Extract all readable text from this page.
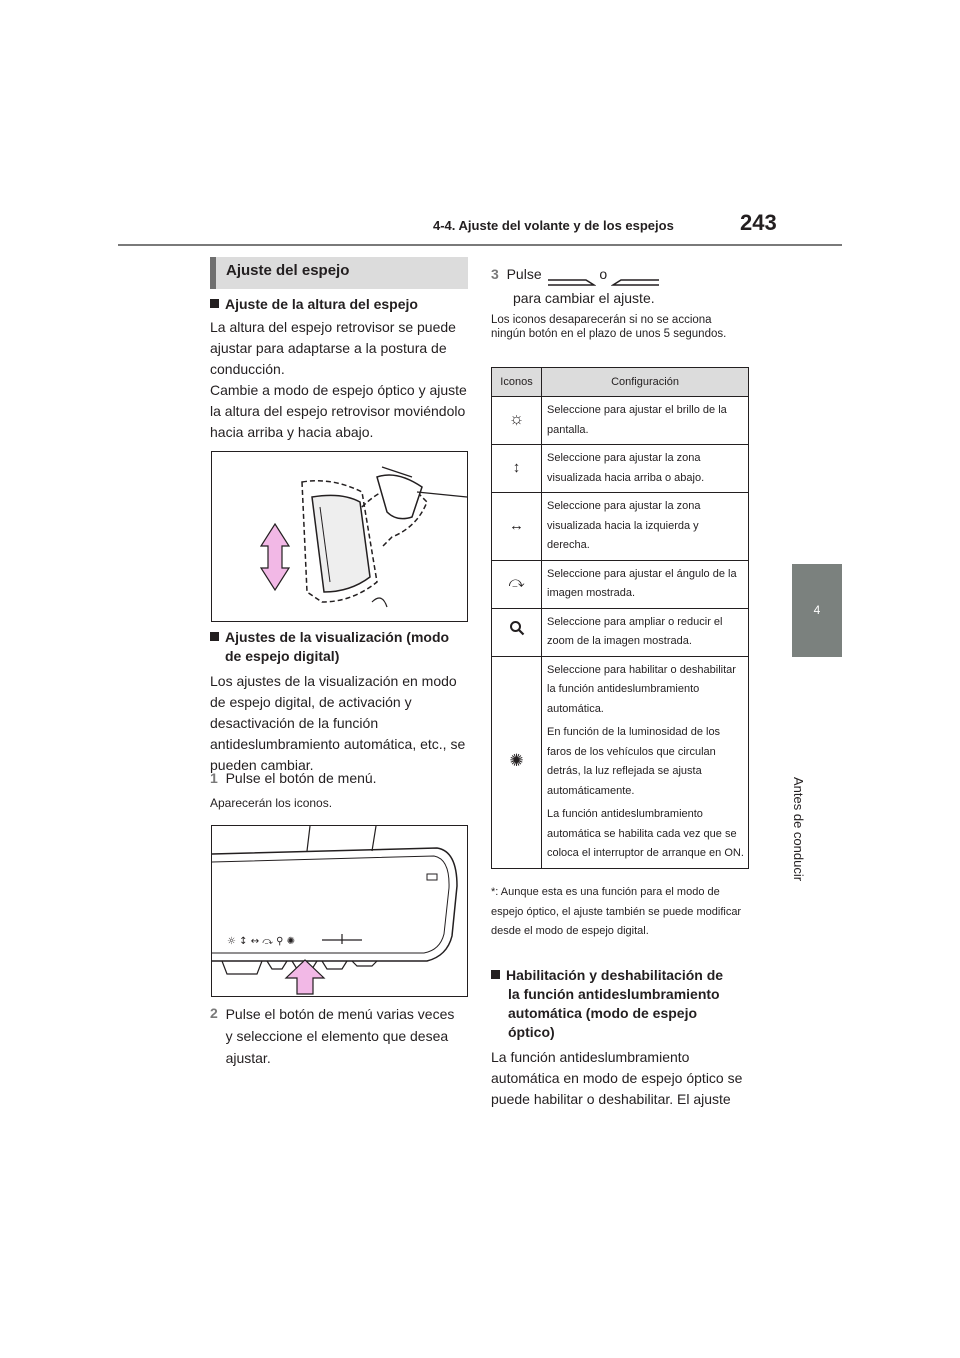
4-4. Ajuste del volante y de los espejos	243
4
Antes de conducir
Ajuste del espejo
Ajuste de la altura del espejo
La altura del espejo retrovisor se puede ajustar para adaptarse a la postura de conducción.
Cambie a modo de espejo óptico y ajuste la altura del espejo retrovisor moviéndolo hacia arriba y hacia abajo.
Ajustes de la visualización (modo
de espejo digital)
Los ajustes de la visualización en modo de espejo digital, de activación y desactivación de la función antideslumbramiento automática, etc., se pueden cambiar.
1 Pulse el botón de menú.
Aparecerán los iconos.
☼ ↕ ↔ ⤼ ⚲ ✺
2 Pulse el botón de menú varias veces y seleccione el elemento que desea ajustar.
3 Pulse	o
para cambiar el ajuste.
Los iconos desaparecerán si no se acciona ningún botón en el plazo de unos 5 segundos.
Iconos	Configuración
☼	Seleccione para ajustar el brillo de la pantalla.
↕	Seleccione para ajustar la zona visualizada hacia arriba o abajo.
↔	Seleccione para ajustar la zona visualizada hacia la izquierda y derecha.
⤼	Seleccione para ajustar el ángulo de la imagen mostrada.
	Seleccione para ampliar o reducir el zoom de la imagen mostrada.
✺	Seleccione para habilitar o deshabilitar la función antideslumbramiento automática.

En función de la luminosidad de los faros de los vehículos que circulan detrás, la luz reflejada se ajusta automáticamente.

La función antideslumbramiento automática se habilita cada vez que se coloca el interruptor de arranque en ON.

*: Aunque esta es una función para el modo de espejo óptico, el ajuste también se puede modificar desde el modo de espejo digital.
Habilitación y deshabilitación de
la función antideslumbramiento
automática (modo de espejo
óptico)
La función antideslumbramiento automática en modo de espejo óptico se puede habilitar o deshabilitar. El ajuste
